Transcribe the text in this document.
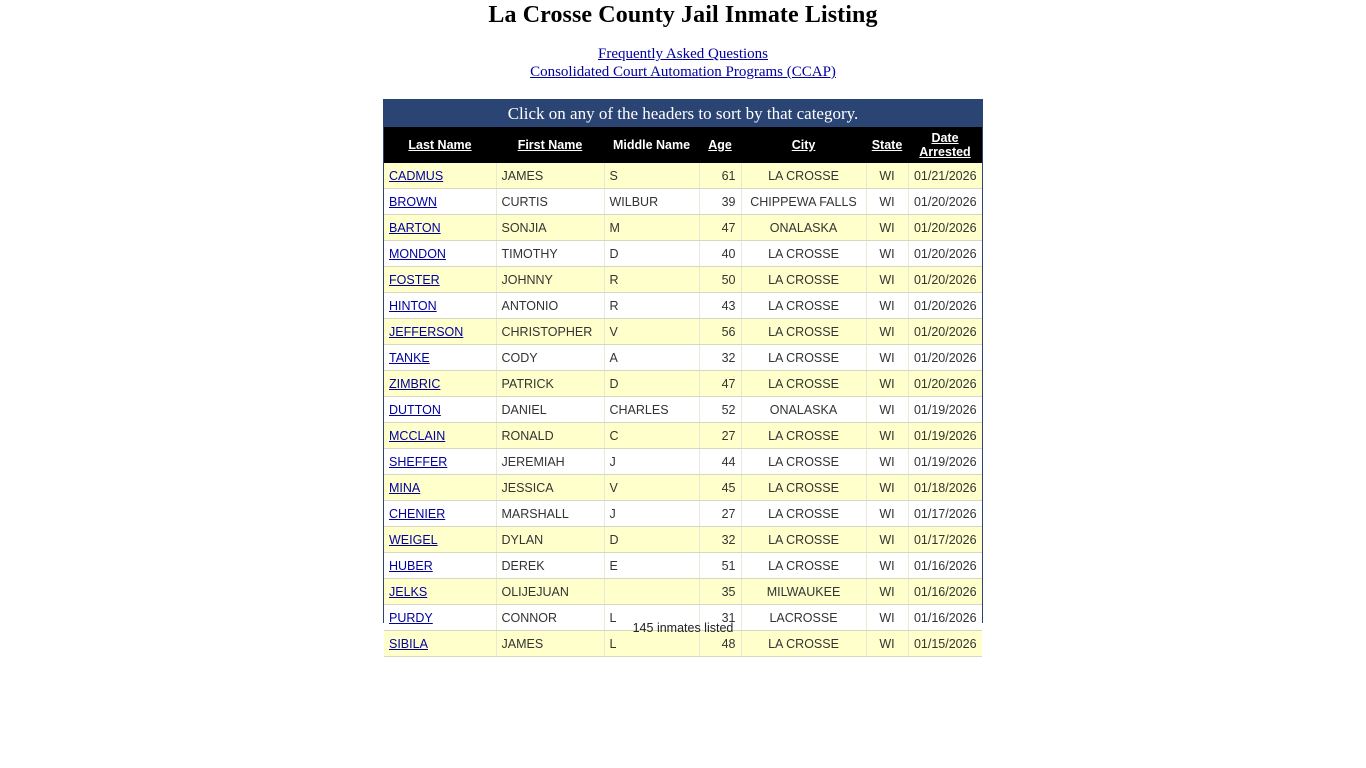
La Crosse County Jail Inmate Listing
Frequently Asked Questions
Consolidated Court Automation Programs (CCAP)
Click on any of the headers to sort by that category.
Last Name	First Name	Middle Name	Age	City	State	Date
Arrested

CADMUS	JAMES	S	61	LA CROSSE	WI	01/21/2026
BROWN	CURTIS	WILBUR	39	CHIPPEWA FALLS	WI	01/20/2026
BARTON	SONJIA	M	47	ONALASKA	WI	01/20/2026
MONDON	TIMOTHY	D	40	LA CROSSE	WI	01/20/2026
FOSTER	JOHNNY	R	50	LA CROSSE	WI	01/20/2026
HINTON	ANTONIO	R	43	LA CROSSE	WI	01/20/2026
JEFFERSON	CHRISTOPHER	V	56	LA CROSSE	WI	01/20/2026
TANKE	CODY	A	32	LA CROSSE	WI	01/20/2026
ZIMBRIC	PATRICK	D	47	LA CROSSE	WI	01/20/2026
DUTTON	DANIEL	CHARLES	52	ONALASKA	WI	01/19/2026
MCCLAIN	RONALD	C	27	LA CROSSE	WI	01/19/2026
SHEFFER	JEREMIAH	J	44	LA CROSSE	WI	01/19/2026
MINA	JESSICA	V	45	LA CROSSE	WI	01/18/2026
CHENIER	MARSHALL	J	27	LA CROSSE	WI	01/17/2026
WEIGEL	DYLAN	D	32	LA CROSSE	WI	01/17/2026
HUBER	DEREK	E	51	LA CROSSE	WI	01/16/2026
JELKS	OLIJEJUAN		35	MILWAUKEE	WI	01/16/2026
PURDY	CONNOR	L	31	LACROSSE	WI	01/16/2026
SIBILA	JAMES	L	48	LA CROSSE	WI	01/15/2026
145 inmates listed
